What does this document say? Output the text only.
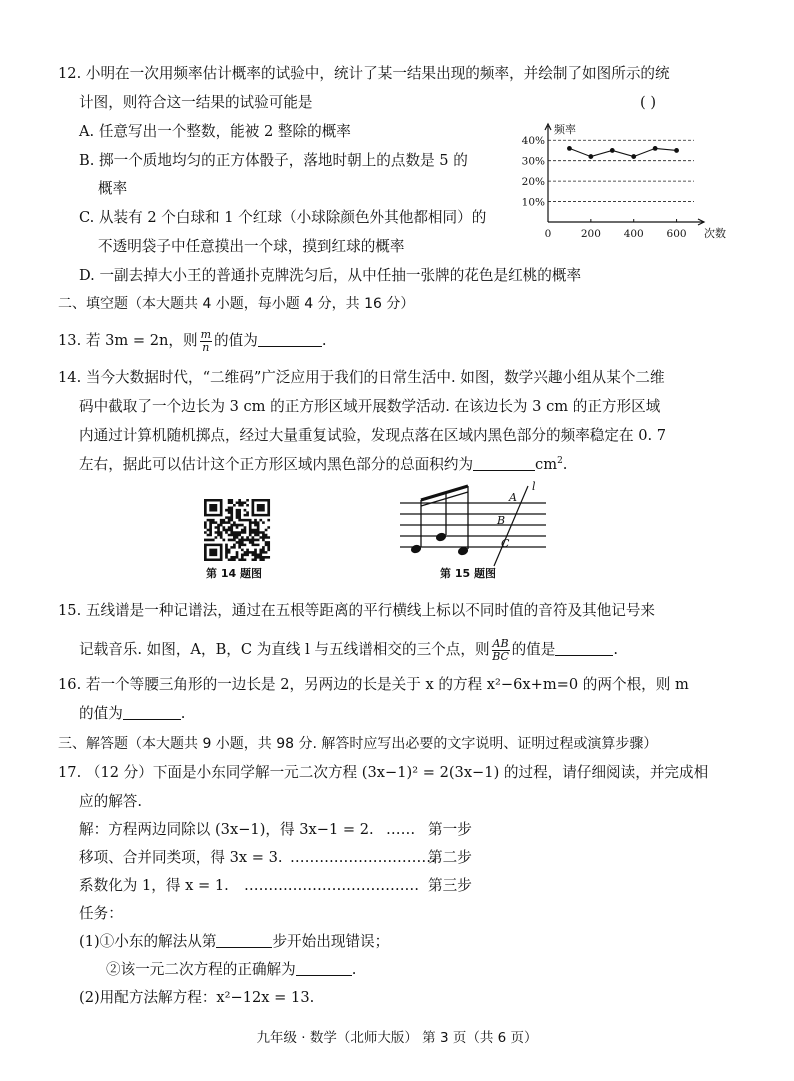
12. 小明在一次用频率估计概率的试验中，统计了某一结果出现的频率，并绘制了如图所示的统
计图，则符合这一结果的试验可能是	( )
A. 任意写出一个整数，能被 2 整除的概率
B. 掷一个质地均匀的正方体骰子，落地时朝上的点数是 5 的
概率
C. 从装有 2 个白球和 1 个红球（小球除颜色外其他都相同）的
不透明袋子中任意摸出一个球，摸到红球的概率
D. 一副去掉大小王的普通扑克牌洗匀后，从中任抽一张牌的花色是红桃的概率
频率
次数
10%
20%
30%
40%
0	200 400 600
二、填空题（本大题共 4 小题，每小题 4 分，共 16 分）
13. 若 3m = 2n，则 $\frac{m}{n}$ 的值为	.
14. 当今大数据时代，“二维码”广泛应用于我们的日常生活中. 如图，数学兴趣小组从某个二维
码中截取了一个边长为 3 cm 的正方形区域开展数学活动. 在该边长为 3 cm 的正方形区域
内通过计算机随机掷点，经过大量重复试验，发现点落在区域内黑色部分的频率稳定在 0. 7
左右，据此可以估计这个正方形区域内黑色部分的总面积约为	$cm^2$.
第 14 题图
l
A
B
C
第 15 题图
15. 五线谱是一种记谱法，通过在五根等距离的平行横线上标以不同时值的音符及其他记号来
记载音乐. 如图，A，B，C 为直线 l 与五线谱相交的三个点，则 $\frac{AB}{BC}$ 的值是	.
16. 若一个等腰三角形的一边长是 2，另两边的长是关于 x 的方程 x²−6x+m=0 的两个根，则 m
的值为	.
三、解答题（本大题共 9 小题，共 98 分. 解答时应写出必要的文字说明、证明过程或演算步骤）
17. （12 分）下面是小东同学解一元二次方程 (3x−1)² = 2(3x−1) 的过程，请仔细阅读，并完成相
应的解答.
解：方程两边同除以 (3x−1)，得 3x−1 = 2. …… 第一步
移项、合并同类项，得 3x = 3. …………………………
第二步
系数化为 1，得 x = 1. ……………………………… 第三步
任务：
(1)①小东的解法从第	步开始出现错误；
②该一元二次方程的正确解为	.
(2)用配方法解方程：x²−12x = 13.
九年级 · 数学（北师大版） 第 3 页（共 6 页）
